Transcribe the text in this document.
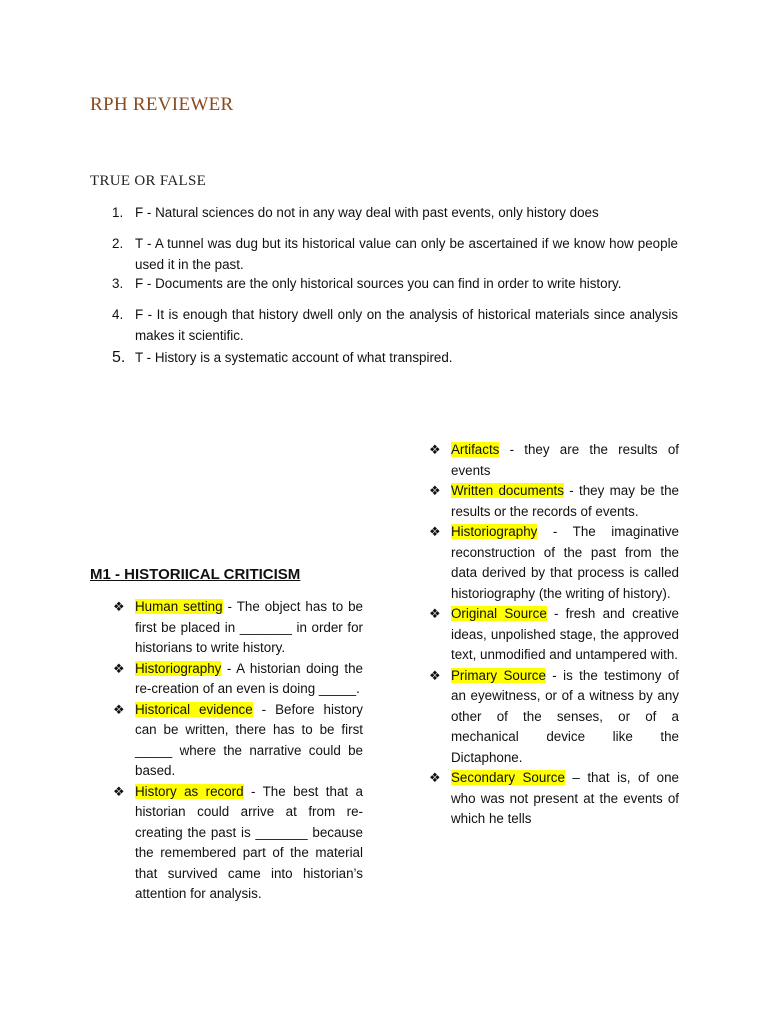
RPH REVIEWER
TRUE OR FALSE
1. F - Natural sciences do not in any way deal with past events, only history does
2. T - A tunnel was dug but its historical value can only be ascertained if we know how people used it in the past.
3. F - Documents are the only historical sources you can find in order to write history.
4. F - It is enough that history dwell only on the analysis of historical materials since analysis makes it scientific.
5. T - History is a systematic account of what transpired.
M1 - HISTORIICAL CRITICISM
❖ Human setting - The object has to be first be placed in _______ in order for historians to write history.
❖ Historiography - A historian doing the re-creation of an even is doing _____.
❖ Historical evidence - Before history can be written, there has to be first _____ where the narrative could be based.
❖ History as record - The best that a historian could arrive at from re-creating the past is _______ because the remembered part of the material that survived came into historian’s attention for analysis.
❖ Artifacts - they are the results of events
❖ Written documents - they may be the results or the records of events.
❖ Historiography - The imaginative reconstruction of the past from the data derived by that process is called historiography (the writing of history).
❖ Original Source - fresh and creative ideas, unpolished stage, the approved text, unmodified and untampered with.
❖ Primary Source - is the testimony of an eyewitness, or of a witness by any other of the senses, or of a mechanical device like the Dictaphone.
❖ Secondary Source – that is, of one who was not present at the events of which he tells
